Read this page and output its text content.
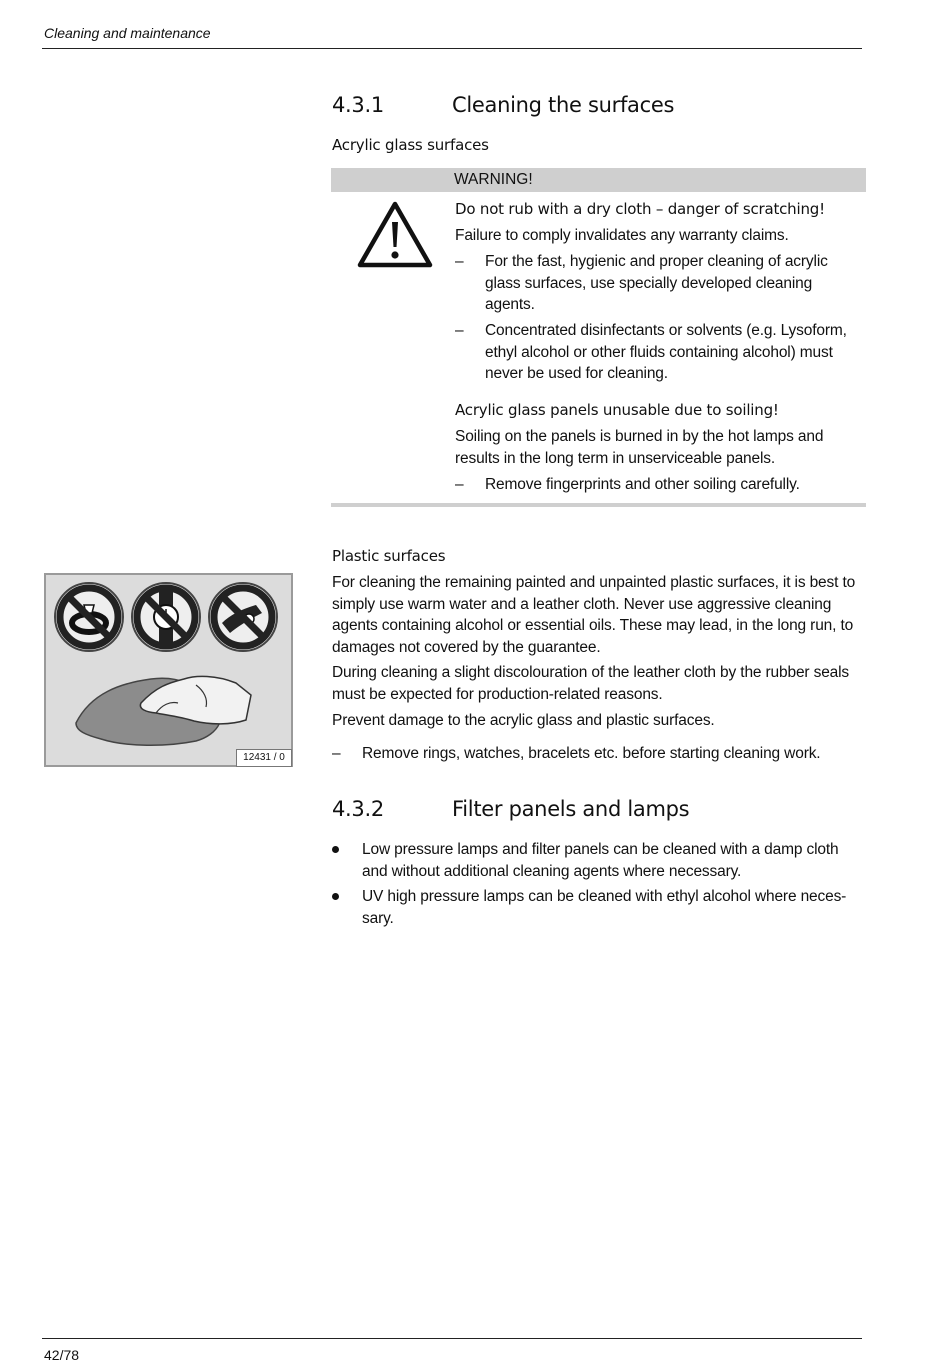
Cleaning and maintenance
4.3.1	Cleaning the surfaces
Acrylic glass surfaces
WARNING!
Do not rub with a dry cloth – danger of scratching!
Failure to comply invalidates any warranty claims.
– For the fast, hygienic and proper cleaning of acrylic
glass surfaces, use specially developed cleaning
agents.
– Concentrated disinfectants or solvents (e.g. Lysoform,
ethyl alcohol or other fluids containing alcohol) must
never be used for cleaning.
Acrylic glass panels unusable due to soiling!
Soiling on the panels is burned in by the hot lamps and
results in the long term in unserviceable panels.
– Remove fingerprints and other soiling carefully.
12431 / 0
Plastic surfaces
For cleaning the remaining painted and unpainted plastic surfaces, it is best to
simply use warm water and a leather cloth. Never use aggressive cleaning
agents containing alcohol or essential oils. These may lead, in the long run, to
damages not covered by the guarantee.
During cleaning a slight discolouration of the leather cloth by the rubber seals
must be expected for production-related reasons.
Prevent damage to the acrylic glass and plastic surfaces.
– Remove rings, watches, bracelets etc. before starting cleaning work.
4.3.2	Filter panels and lamps
Low pressure lamps and filter panels can be cleaned with a damp cloth
and without additional cleaning agents where necessary.
UV high pressure lamps can be cleaned with ethyl alcohol where neces-
sary.
42/78
